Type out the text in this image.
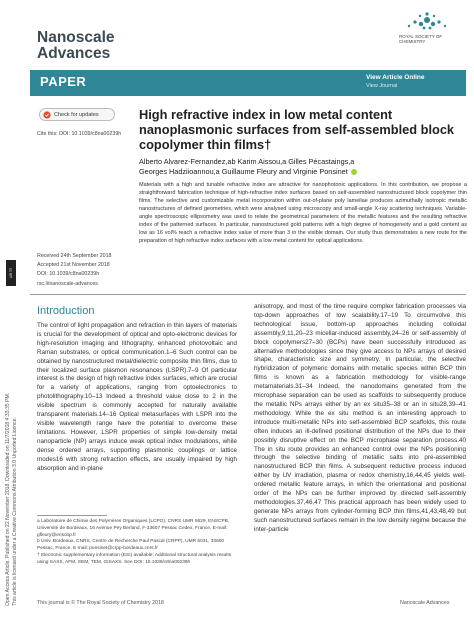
Nanoscale
Advances
ROYAL SOCIETY OF CHEMISTRY
PAPER	View Article Online
View Journal
Open Access Article. Published on 22 November 2018. Downloaded on 11/7/2018 4:33:35 PM. This article is licensed under a Creative Commons Attribution 3.0 Unported Licence.
cc BY
Check for updates
Cite this: DOI: 10.1039/c8na00239h
Received 24th September 2018
Accepted 21st November 2018
DOI: 10.1039/c8na00239h
rsc.li/nanoscale-advances
High refractive index in low metal content nanoplasmonic surfaces from self-assembled block copolymer thin films†
Alberto Alvarez-Fernandez,ab Karim Aissou,a Gilles Pécastaings,a
Georges Hadziioannou,a Guillaume Fleury and Virginie Ponsinet
Materials with a high and tunable refractive index are attractive for nanophotonic applications. In this contribution, we propose a straightforward fabrication technique of high-refractive index surfaces based on self-assembled nanostructured block copolymer thin films. The selective and customizable metal incorporation within out-of-plane poly lamellae produces azimuthally isotropic metallic nanostructures of defined geometries, which were analysed using microscopy and small-angle X-ray scattering techniques. Variable-angle spectroscopic ellipsometry was used to relate the geometrical parameters of the metallic features and the resulting refractive index of the patterned surfaces. In particular, nanostructured gold patterns with a high degree of homogeneity and a gold content as low as 16 vol% reach a refractive index value of more than 3 in the visible domain. Our study thus demonstrates a new route for the preparation of high refractive index surfaces with a low metal content for optical applications.
Introduction
The control of light propagation and refraction in thin layers of materials is crucial for the development of optical and opto-electronic devices for high-resolution imaging and lithography, enhanced photovoltaic and Raman substrates, or optical communication.1–6 Such control can be obtained by nanostructured metal/dielectric composite thin films, due to their localized surface plasmon resonances (LSPR).7–9 Of particular interest is the design of high refractive index surfaces, which are crucial for a variety of applications, ranging from optoelectronics to photolithography.10–13 Indeed a threshold value close to 2 in the visible spectrum is commonly accepted for naturally available transparent materials.14–16 Optical metasurfaces with LSPR into the visible wavelength range have the potential to overcome these limitations. However, LSPR properties of simple low-density metal nanoparticle (NP) arrays induce weak optical index modulations, while dense ordered arrays, supporting plasmonic couplings or lattice modes16 with strong refraction effects, are usually impaired by high absorption and in-plane
a Laboratoire de Chimie des Polymères Organiques (LCPO), CNRS UMR 5629, ENSCPB, Université de Bordeaux, 16 Avenue Pey Berland, F-33607 Pessac Cedex, France. E-mail: gfleury@enscbp.fr
b Univ. Bordeaux, CNRS, Centre de Recherche Paul Pascal (CRPP), UMR 5031, 33600 Pessac, France. E-mail: ponsinet@crpp-bordeaux.cnrs.fr
† Electronic supplementary information (ESI) available: Additional structural analysis results using SAXS, AFM, SEM, TEM, GISAXS. See DOI: 10.1039/c8na00239h
anisotropy, and most of the time require complex fabrication processes via top-down approaches of low scalability.17–19 To circumvolve this technological issue, bottom-up approaches including colloidal assembly,9,11,20–23 micellar-induced assembly,24–26 or self-assembly of block copolymers27–30 (BCPs) have been successfully introduced as alternative methodologies since they give access to NPs arrays of desired shape, characteristic size and symmetry. In particular, the selective hybridization of polymeric domains with metallic species within BCP thin films is known as a fabrication methodology for visible-range metamaterials.31–34 Indeed, the nanodomains generated from the microphase separation can be used as scaffolds to subsequently produce the metallic NPs arrays either by an ex situ35–38 or an in situ28,39–41 methodology. While the ex situ method is an interesting approach to introduce multi-metallic NPs into self-assembled BCP scaffolds, this route often induces an ill-defined positional distribution of the NPs due to their possibly disruptive effect on the BCP microphase separation process.40 The in situ route provides an enhanced control over the NPs positioning through the selective binding of metallic salts into pre-assembled nanostructured BCP thin films. A subsequent reductive process induced either by UV irradiation, plasma or redox chemistry,16,44,45 yields well-ordered metallic feature arrays, in which the orientational and positional order of the NPs can be further improved by directed self-assembly methodologies.37,46,47 This practical approach has been widely used to generate NPs arrays from cylinder-forming BCP thin films,41,43,48,49 but such nanostructured surfaces remain in the low density regime because the inter-particle
This journal is © The Royal Society of Chemistry 2018	Nanoscale Advances
